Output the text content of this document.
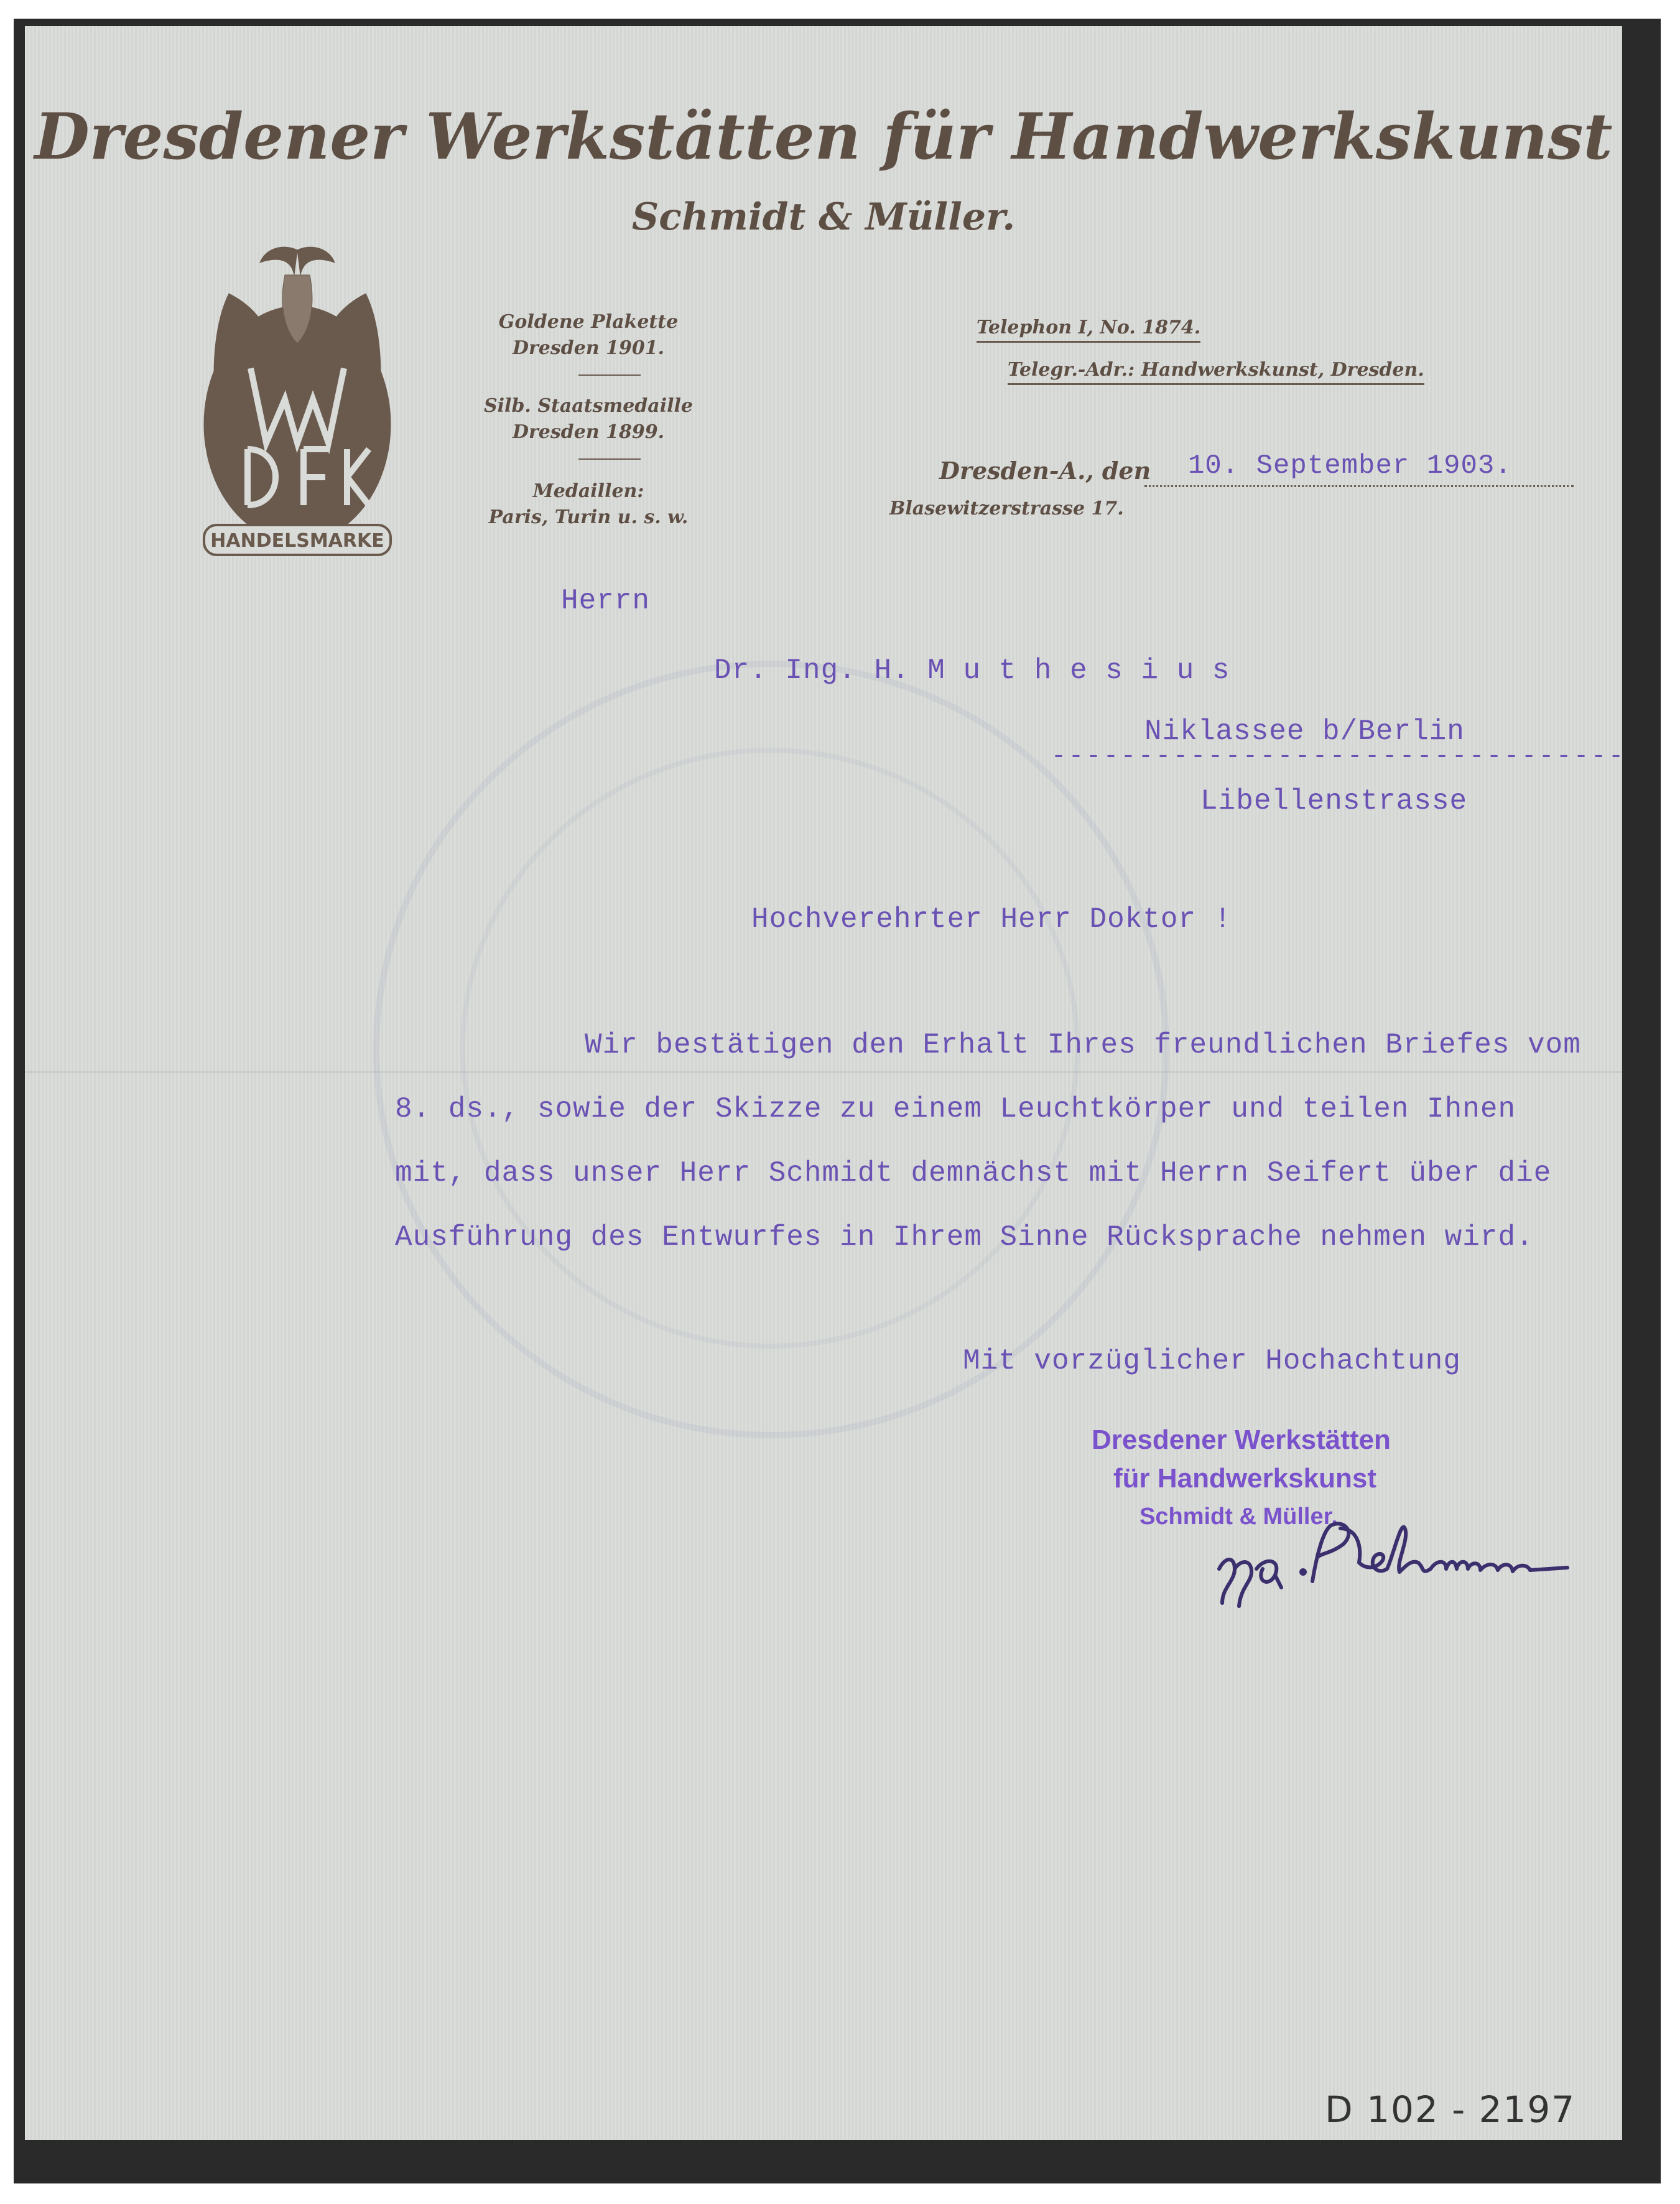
Dresdener Werkstätten für Handwerkskunst
Schmidt & Müller.
HANDELSMARKE
Goldene Plakette
Dresden 1901.
Silb. Staatsmedaille
Dresden 1899.
Medaillen:
Paris, Turin u. s. w.
Telephon I, No. 1874.
Telegr.-Adr.: Handwerkskunst, Dresden.
Dresden-A., den 10. September 1903.
Blasewitzerstrasse 17.
Herrn
Dr. Ing. H. M u t h e s i u s
Niklassee b/Berlin
---------------------------------
Libellenstrasse
Hochverehrter Herr Doktor !
Wir bestätigen den Erhalt Ihres freundlichen Briefes vom
8. ds., sowie der Skizze zu einem Leuchtkörper und teilen Ihnen
mit, dass unser Herr Schmidt demnächst mit Herrn Seifert über die
Ausführung des Entwurfes in Ihrem Sinne Rücksprache nehmen wird.
Mit vorzüglicher Hochachtung
Dresdener Werkstätten
für Handwerkskunst
Schmidt & Müller.
D 102 - 2197
